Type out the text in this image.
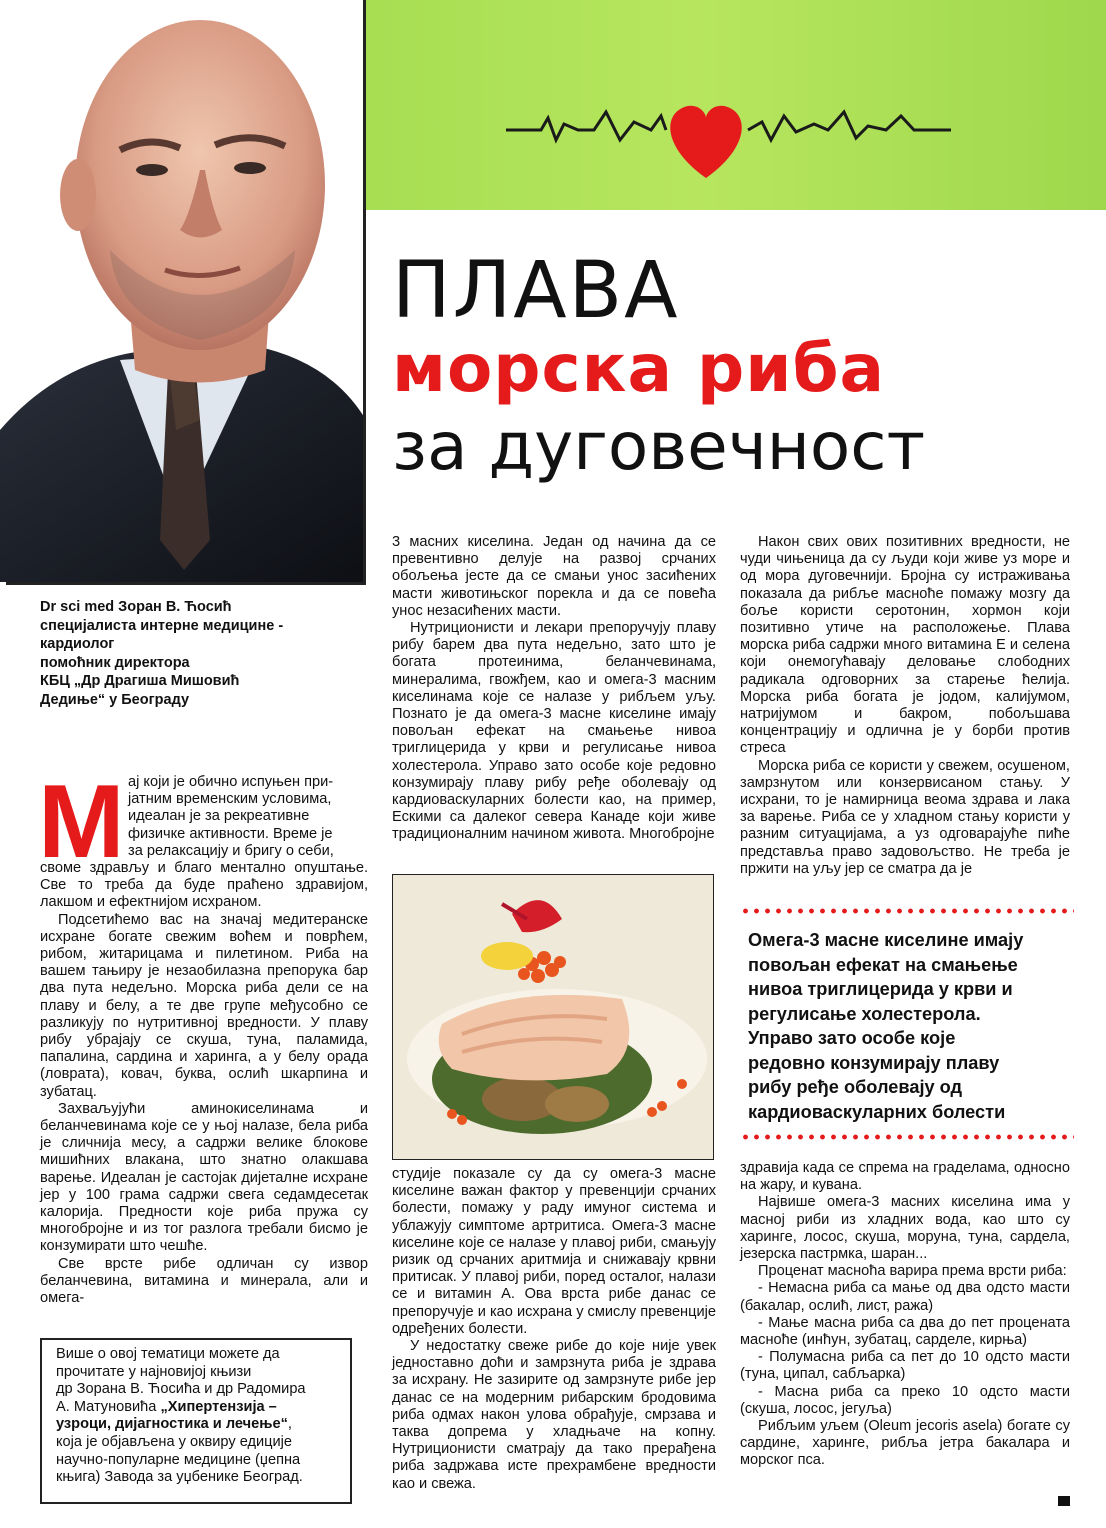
ПЛАВА
морска риба
за дуговечност
Dr sci med Зоран В. Ћосић
специјалиста интерне медицине -
кардиолог
помоћник директора
КБЦ „Др Драгиша Мишовић
Дедиње“ у Београду
М ај који је обично испуњен при-
јатним временским условима,
идеалан је за рекреативне
физичке активности. Време је
за релаксацију и бригу о себи,

своме здрављу и благо ментално опуштање. Све то треба да буде праћено здравијом, лакшом и ефектнијом исхраном.

Подсетићемо вас на значај медитеранске исхране богате свежим воћем и поврћем, рибом, житарицама и пилетином. Риба на вашем тањиру је незаобилазна препорука бар два пута недељно. Морска риба дели се на плаву и белу, а те две групе међусобно се разликују по нутритивној вредности. У плаву рибу убрајају се скуша, туна, паламида, папалина, сардина и харинга, а у белу орада (ловрата), ковач, буква, ослић шкарпина и зубатац.

Захваљујући аминокиселинама и беланчевинама које се у њој налазе, бела риба је сличнија месу, а садржи велике блокове мишићних влакана, што знатно олакшава варење. Идеалан је састојак дијеталне исхране јер у 100 грама садржи свега седамдесетак калорија. Предности које риба пружа су многобројне и из тог разлога требали бисмо је конзумирати што чешће.

Све врсте рибе одличан су извор беланчевина, витамина и минерала, али и омега-

Више о овој тематици можете да
прочитате у најновијој књизи
др Зорана В. Ћосића и др Радомира
А. Матуновића „Хипертензија –
узроци, дијагностика и лечење“,
која је објављена у оквиру едиције
научно-популарне медицине (џепна
књига) Завода за уџбенике Београд.

3 масних киселина. Један од начина да се превентивно делује на развој срчаних обољења јесте да се смањи унос засићених масти животињског порекла и да се повећа унос незасићених масти.

Нутриционисти и лекари препоручују плаву рибу барем два пута недељно, зато што је богата протеинима, беланчевинама, минералима, гвожђем, као и омега-3 масним киселинама које се налазе у рибљем уљу. Познато је да омега-3 масне киселине имају повољан ефекат на смањење нивоа триглицерида у крви и регулисање нивоа холестерола. Управо зато особе које редовно конзумирају плаву рибу ређе оболевају од кардиоваскуларних болести као, на пример, Ескими са далеког севера Канаде који живе традиционалним начином живота. Многобројне

студије показале су да су омега-3 масне киселине важан фактор у превенцији срчаних болести, помажу у раду имуног система и ублажују симптоме артритиса. Омега-3 масне киселине које се налазе у плавој риби, смањују ризик од срчаних аритмија и снижавају крвни притисак. У плавој риби, поред осталог, налази се и витамин А. Ова врста рибе данас се препоручује и као исхрана у смислу превенције одређених болести.

У недостатку свеже рибе до које није увек једноставно доћи и замрзнута риба је здрава за исхрану. Не зазирите од замрзнуте рибе јер данас се на модерним рибарским бродовима риба одмах након улова обрађује, смрзава и таква допрема у хладњаче на копну. Нутриционисти сматрају да тако прерађена риба задржава исте прехрамбене вредности као и свежа.

Након свих ових позитивних вредности, не чуди чињеница да су људи који живе уз море и од мора дуговечнији. Бројна су истраживања показала да рибље масноће помажу мозгу да боље користи серотонин, хормон који позитивно утиче на расположење. Плава морска риба садржи много витамина Е и селена који онемогућавају деловање слободних радикала одговорних за старење ћелија. Морска риба богата је јодом, калијумом, натријумом и бакром, побољшава концентрацију и одлична је у борби против стреса

Морска риба се користи у свежем, осушеном, замрзнутом или конзервисаном стању. У исхрани, то је намирница веома здрава и лака за варење. Риба се у хладном стању користи у разним ситуацијама, а уз одговарајуће пиће представља право задовољство. Не треба је пржити на уљу јер се сматра да је

Омега-3 масне киселине имају
повољан ефекат на смањење
нивоа триглицерида у крви и
регулисање холестерола.
Управо зато особе које
редовно конзумирају плаву
рибу ређе оболевају од
кардиоваскуларних болести

здравија када се спрема на граделама, односно на жару, и кувана.

Највише омега-3 масних киселина има у масној риби из хладних вода, као што су харинге, лосос, скуша, моруна, туна, сардела, језерска пастрмка, шаран...

Проценат масноћа варира према врсти риба:

- Немасна риба са мање од два одсто масти (бакалар, ослић, лист, ража)

- Мање масна риба са два до пет процената масноће (инћун, зубатац, сарделе, кирња)

- Полумасна риба са пет до 10 одсто масти (туна, ципал, сабљарка)

- Масна риба са преко 10 одсто масти (скуша, лосос, јегуља)

Рибљим уљем (Oleum jecoris asela) богате су сардине, харинге, рибља јетра бакалара и морског пса.
